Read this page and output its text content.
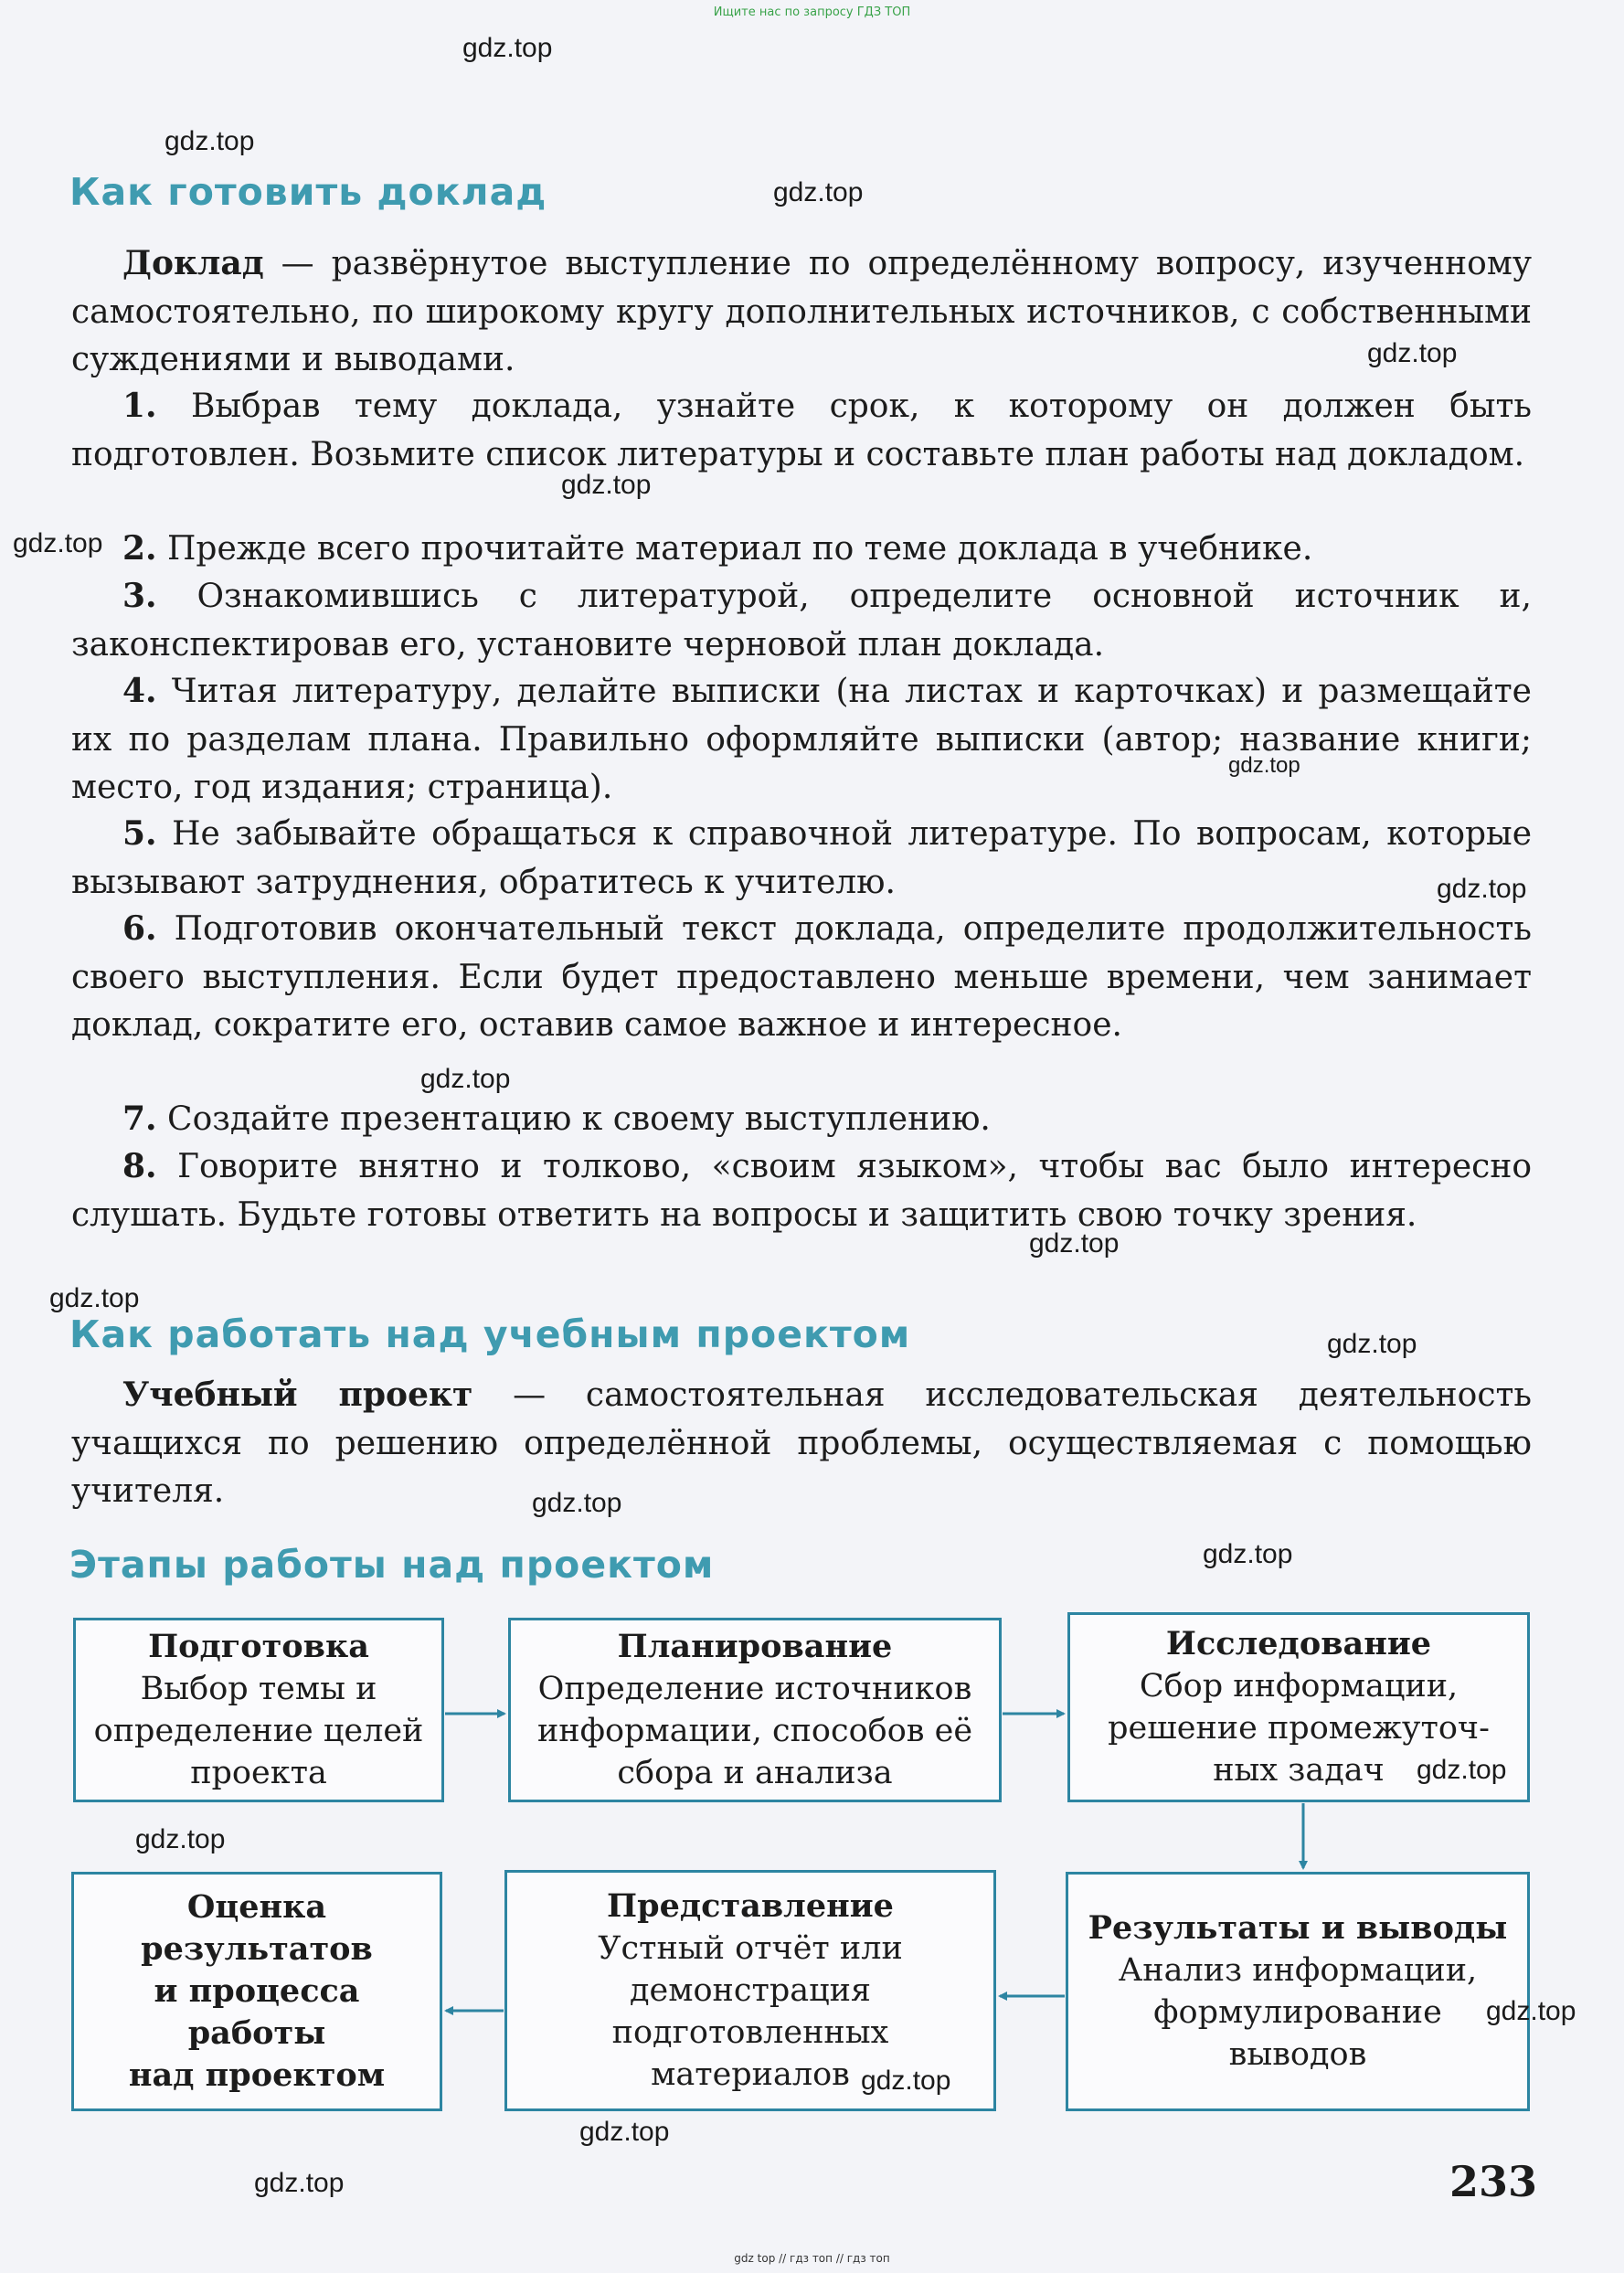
Ищите нас по запросу ГДЗ ТОП
Как готовить доклад

Доклад — развёрнутое выступление по определённому вопросу, изученному самостоятельно, по широкому кругу дополнительных источников, с собственными суждениями и выводами.

1. Выбрав тему доклада, узнайте срок, к которому он должен быть подготовлен. Возьмите список литературы и составьте план работы над докладом.

2. Прежде всего прочитайте материал по теме доклада в учебнике.

3. Ознакомившись с литературой, определите основной источник и, законспектировав его, установите черновой план доклада.

4. Читая литературу, делайте выписки (на листах и карточках) и размещайте их по разделам плана. Правильно оформляйте выписки (автор; название книги; место, год издания; страница).

5. Не забывайте обращаться к справочной литературе. По вопросам, которые вызывают затруднения, обратитесь к учителю.

6. Подготовив окончательный текст доклада, определите продолжительность своего выступления. Если будет предоставлено меньше времени, чем занимает доклад, сократите его, оставив самое важное и интересное.

7. Создайте презентацию к своему выступлению.

8. Говорите внятно и толково, «своим языком», чтобы вас было интересно слушать. Будьте готовы ответить на вопросы и защитить свою точку зрения.

Как работать над учебным проектом

Учебный проект — самостоятельная исследовательская деятельность учащихся по решению определённой проблемы, осуществляемая с помощью учителя.

Этапы работы над проектом
Подготовка
Выбор темы и
определение целей
проекта
Планирование
Определение источников
информации, способов её
сбора и анализа
Исследование
Сбор информации,
решение промежуточ-
ных задач
Результаты и выводы
Анализ информации,
формулирование
выводов
Представление
Устный отчёт или
демонстрация
подготовленных
материалов
Оценка результатов
и процесса работы
над проектом
gdz.top
gdz.top
gdz.top
gdz.top
gdz.top
gdz.top
gdz.top
gdz.top
gdz.top
gdz.top
gdz.top
gdz.top
gdz.top
gdz.top
gdz.top
gdz.top
gdz.top
gdz.top
gdz.top
gdz.top	233
gdz top // гдз топ // гдз топ
